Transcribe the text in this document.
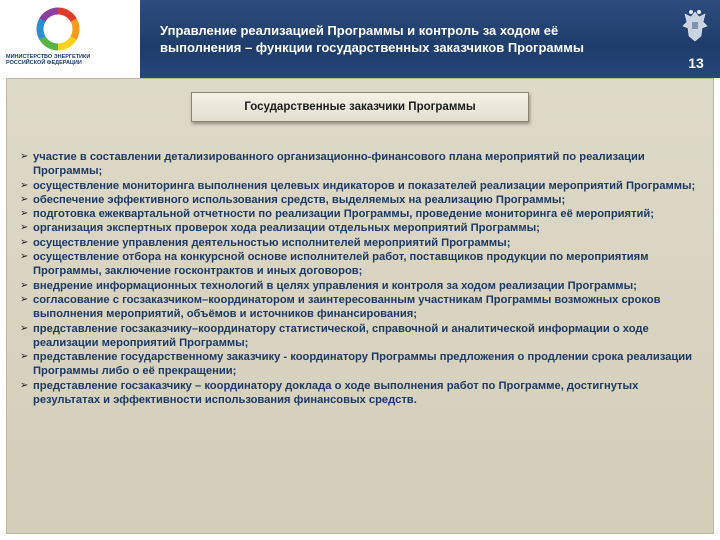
МИНИСТЕРСТВО ЭНЕРГЕТИКИ
РОССИЙСКОЙ ФЕДЕРАЦИИ
Управление реализацией Программы и контроль за ходом её
выполнения – функции государственных заказчиков Программы
13
Государственные заказчики Программы
➢ участие в составлении детализированного организационно-финансового плана мероприятий по реализации Программы;
➢ осуществление мониторинга выполнения целевых индикаторов и показателей реализации мероприятий Программы;
➢ обеспечение эффективного использования средств, выделяемых на реализацию Программы;
➢ подготовка ежеквартальной отчетности по реализации Программы, проведение мониторинга её мероприятий;
➢ организация экспертных проверок хода реализации отдельных мероприятий Программы;
➢ осуществление управления деятельностью исполнителей мероприятий Программы;
➢ осуществление отбора на конкурсной основе исполнителей работ, поставщиков продукции по мероприятиям Программы, заключение госконтрактов и иных договоров;
➢ внедрение информационных технологий в целях управления и контроля за ходом реализации Программы;
➢ согласование с госзаказчиком–координатором и заинтересованным участникам Программы возможных сроков выполнения мероприятий, объёмов и источников финансирования;
➢ представление госзаказчику–координатору статистической, справочной и аналитической информации о ходе реализации мероприятий Программы;
➢ представление государственному заказчику - координатору Программы предложения о продлении срока реализации Программы либо о её прекращении;
➢ представление госзаказчику – координатору доклада о ходе выполнения работ по Программе, достигнутых результатах и эффективности использования финансовых средств.
